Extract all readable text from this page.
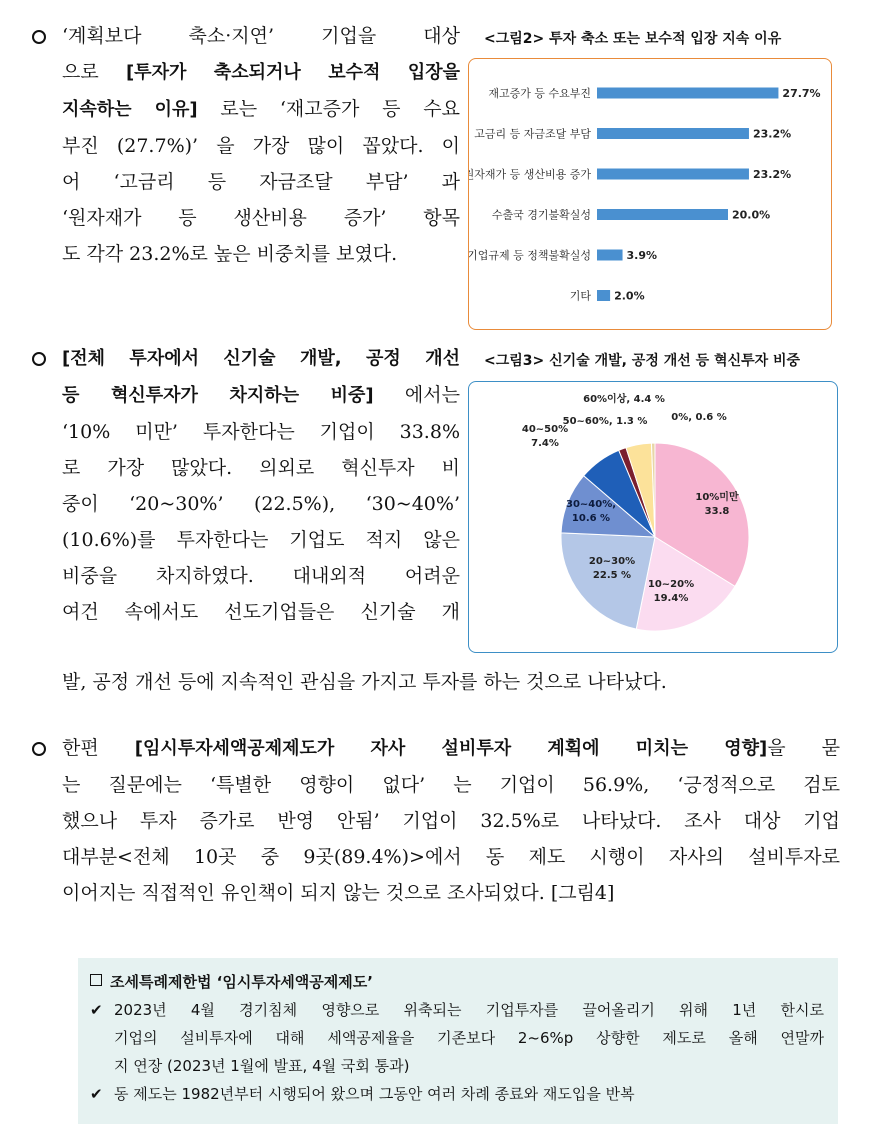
‘계획보다 축소·지연’ 기업을 대상
으로 [투자가 축소되거나 보수적 입장을
지속하는 이유] 로는 ‘재고증가 등 수요
부진 (27.7%)’ 을 가장 많이 꼽았다. 이
어 ‘고금리 등 자금조달 부담’ 과
‘원자재가 등 생산비용 증가’ 항목
도 각각 23.2%로 높은 비중치를 보였다.
<그림2> 투자 축소 또는 보수적 입장 지속 이유
재고증가 등 수요부진	27.7%
고금리 등 자금조달 부담	23.2%
원자재가 등 생산비용 증가	23.2%
수출국 경기불확실성	20.0%
기업규제 등 정책불확실성	3.9%
기타 2.0%
[전체 투자에서 신기술 개발, 공정 개선
등 혁신투자가 차지하는 비중] 에서는
‘10% 미만’ 투자한다는 기업이 33.8%
로 가장 많았다. 의외로 혁신투자 비
중이 ‘20~30%’ (22.5%), ‘30~40%’
(10.6%)를 투자한다는 기업도 적지 않은
비중을 차지하였다. 대내외적 어려운
여건 속에서도 선도기업들은 신기술 개
발, 공정 개선 등에 지속적인 관심을 가지고 투자를 하는 것으로 나타났다.
<그림3> 신기술 개발, 공정 개선 등 혁신투자 비중
10%미만
33.8
10~20%
19.4%
20~30%
22.5 %
30~40%,
10.6 %
40~50%
7.4%
50~60%, 1.3 %
60%이상, 4.4 %
0%, 0.6 %
한편 [임시투자세액공제제도가 자사 설비투자 계획에 미치는 영향]을 묻
는 질문에는 ‘특별한 영향이 없다’ 는 기업이 56.9%, ‘긍정적으로 검토
했으나 투자 증가로 반영 안됨’ 기업이 32.5%로 나타났다. 조사 대상 기업
대부분<전체 10곳 중 9곳(89.4%)>에서 동 제도 시행이 자사의 설비투자로
이어지는 직접적인 유인책이 되지 않는 것으로 조사되었다. [그림4]
조세특례제한법 ‘임시투자세액공제제도’
✔ 2023년 4월 경기침체 영향으로 위축되는 기업투자를 끌어올리기 위해 1년 한시로
기업의 설비투자에 대해 세액공제율을 기존보다 2~6%p 상향한 제도로 올해 연말까
지 연장 (2023년 1월에 발표, 4월 국회 통과)
✔ 동 제도는 1982년부터 시행되어 왔으며 그동안 여러 차례 종료와 재도입을 반복
